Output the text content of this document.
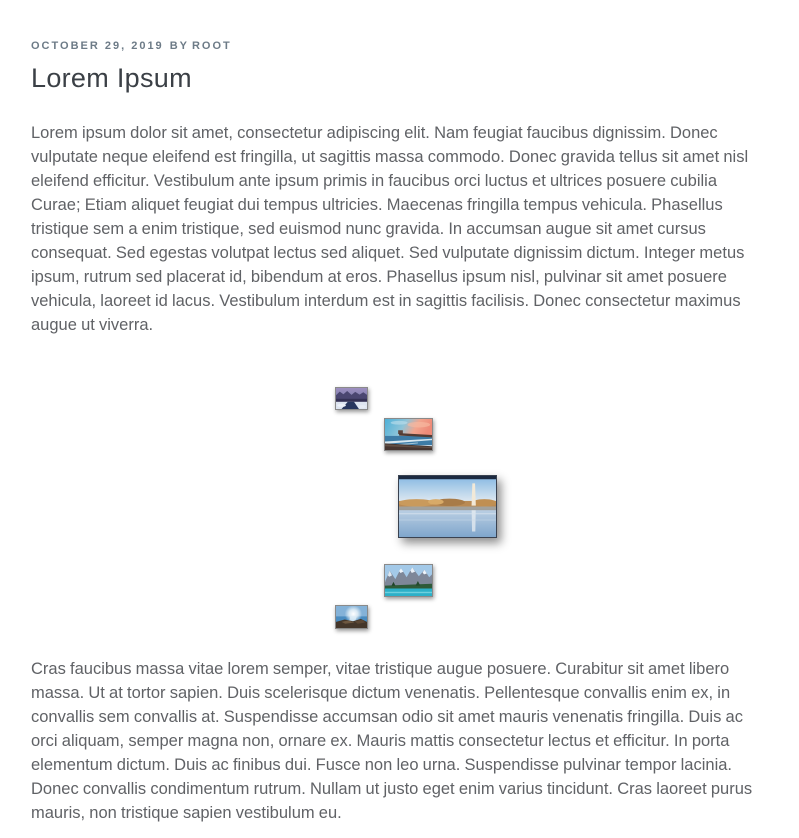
OCTOBER 29, 2019 BY ROOT
Lorem Ipsum

Lorem ipsum dolor sit amet, consectetur adipiscing elit. Nam feugiat faucibus dignissim. Donec vulputate neque eleifend est fringilla, ut sagittis massa commodo. Donec gravida tellus sit amet nisl eleifend efficitur. Vestibulum ante ipsum primis in faucibus orci luctus et ultrices posuere cubilia Curae; Etiam aliquet feugiat dui tempus ultricies. Maecenas fringilla tempus vehicula. Phasellus tristique sem a enim tristique, sed euismod nunc gravida. In accumsan augue sit amet cursus consequat. Sed egestas volutpat lectus sed aliquet. Sed vulputate dignissim dictum. Integer metus ipsum, rutrum sed placerat id, bibendum at eros. Phasellus ipsum nisl, pulvinar sit amet posuere vehicula, laoreet id lacus. Vestibulum interdum est in sagittis facilisis. Donec consectetur maximus augue ut viverra.

Cras faucibus massa vitae lorem semper, vitae tristique augue posuere. Curabitur sit amet libero massa. Ut at tortor sapien. Duis scelerisque dictum venenatis. Pellentesque convallis enim ex, in convallis sem convallis at. Suspendisse accumsan odio sit amet mauris venenatis fringilla. Duis ac orci aliquam, semper magna non, ornare ex. Mauris mattis consectetur lectus et efficitur. In porta elementum dictum. Duis ac finibus dui. Fusce non leo urna. Suspendisse pulvinar tempor lacinia. Donec convallis condimentum rutrum. Nullam ut justo eget enim varius tincidunt. Cras laoreet purus mauris, non tristique sapien vestibulum eu.
